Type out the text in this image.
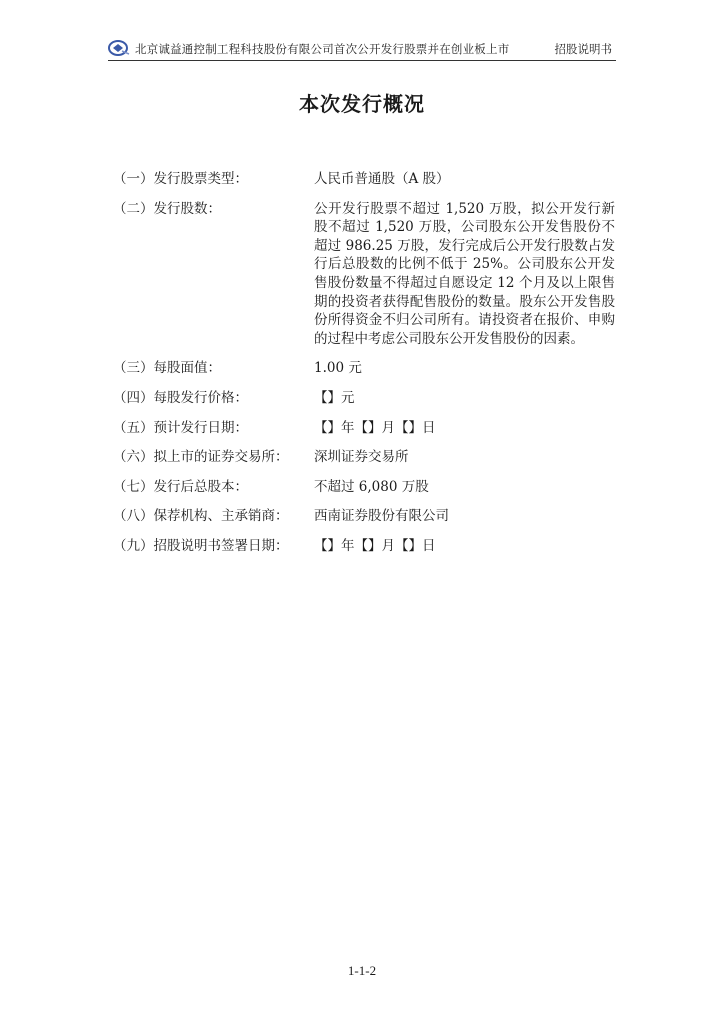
北京诚益通控制工程科技股份有限公司首次公开发行股票并在创业板上市	招股说明书
本次发行概况
（一）发行股票类型：	人民币普通股（A 股）
（二）发行股数：	公开发行股票不超过 1,520 万股，拟公开发行新股不超过 1,520 万股，公司股东公开发售股份不超过 986.25 万股，发行完成后公开发行股数占发行后总股数的比例不低于 25%。公司股东公开发售股份数量不得超过自愿设定 12 个月及以上限售期的投资者获得配售股份的数量。股东公开发售股份所得资金不归公司所有。请投资者在报价、申购的过程中考虑公司股东公开发售股份的因素。
（三）每股面值：	1.00 元
（四）每股发行价格：	【】元
（五）预计发行日期：	【】年【】月【】日
（六）拟上市的证券交易所：	深圳证券交易所
（七）发行后总股本：	不超过 6,080 万股
（八）保荐机构、主承销商：	西南证券股份有限公司
（九）招股说明书签署日期：	【】年【】月【】日
1-1-2
